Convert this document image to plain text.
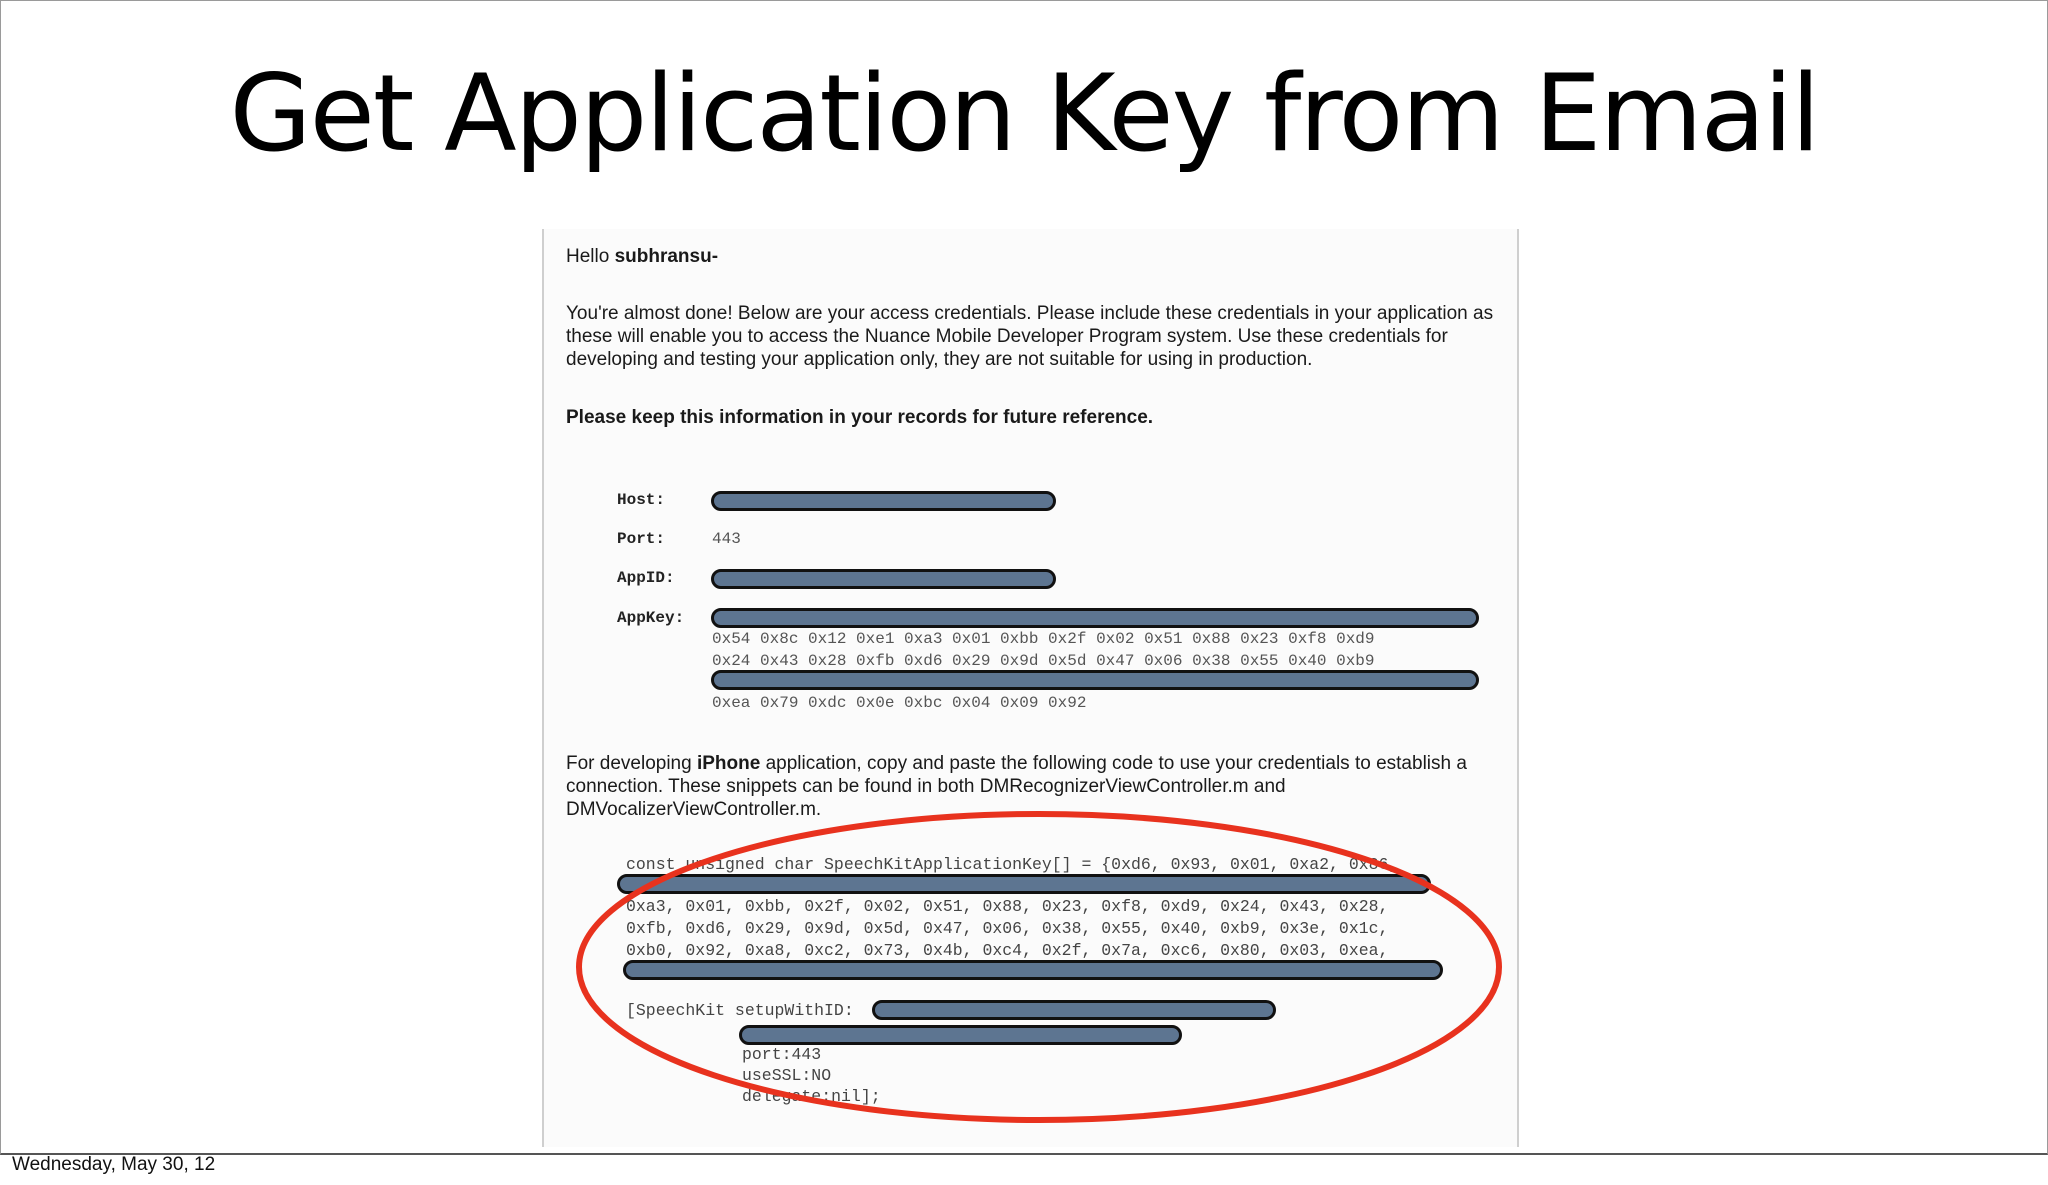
Get Application Key from Email

Hello subhransu-

You're almost done! Below are your access credentials. Please include these credentials in your application as these will enable you to access the Nuance Mobile Developer Program system. Use these credentials for developing and testing your application only, they are not suitable for using in production.

Please keep this information in your records for future reference.

Host:
Port:	443
AppID:
AppKey:
0x54 0x8c 0x12 0xe1 0xa3 0x01 0xbb 0x2f 0x02 0x51 0x88 0x23 0xf8 0xd9
0x24 0x43 0x28 0xfb 0xd6 0x29 0x9d 0x5d 0x47 0x06 0x38 0x55 0x40 0xb9
0xea 0x79 0xdc 0x0e 0xbc 0x04 0x09 0x92

For developing iPhone application, copy and paste the following code to use your credentials to establish a connection. These snippets can be found in both DMRecognizerViewController.m and DMVocalizerViewController.m.

const unsigned char SpeechKitApplicationKey[] = {0xd6, 0x93, 0x01, 0xa2, 0x86,
0xa3, 0x01, 0xbb, 0x2f, 0x02, 0x51, 0x88, 0x23, 0xf8, 0xd9, 0x24, 0x43, 0x28,
0xfb, 0xd6, 0x29, 0x9d, 0x5d, 0x47, 0x06, 0x38, 0x55, 0x40, 0xb9, 0x3e, 0x1c,
0xb0, 0x92, 0xa8, 0xc2, 0x73, 0x4b, 0xc4, 0x2f, 0x7a, 0xc6, 0x80, 0x03, 0xea,
[SpeechKit setupWithID:
port:443
useSSL:NO
delegate:nil];
Wednesday, May 30, 12
